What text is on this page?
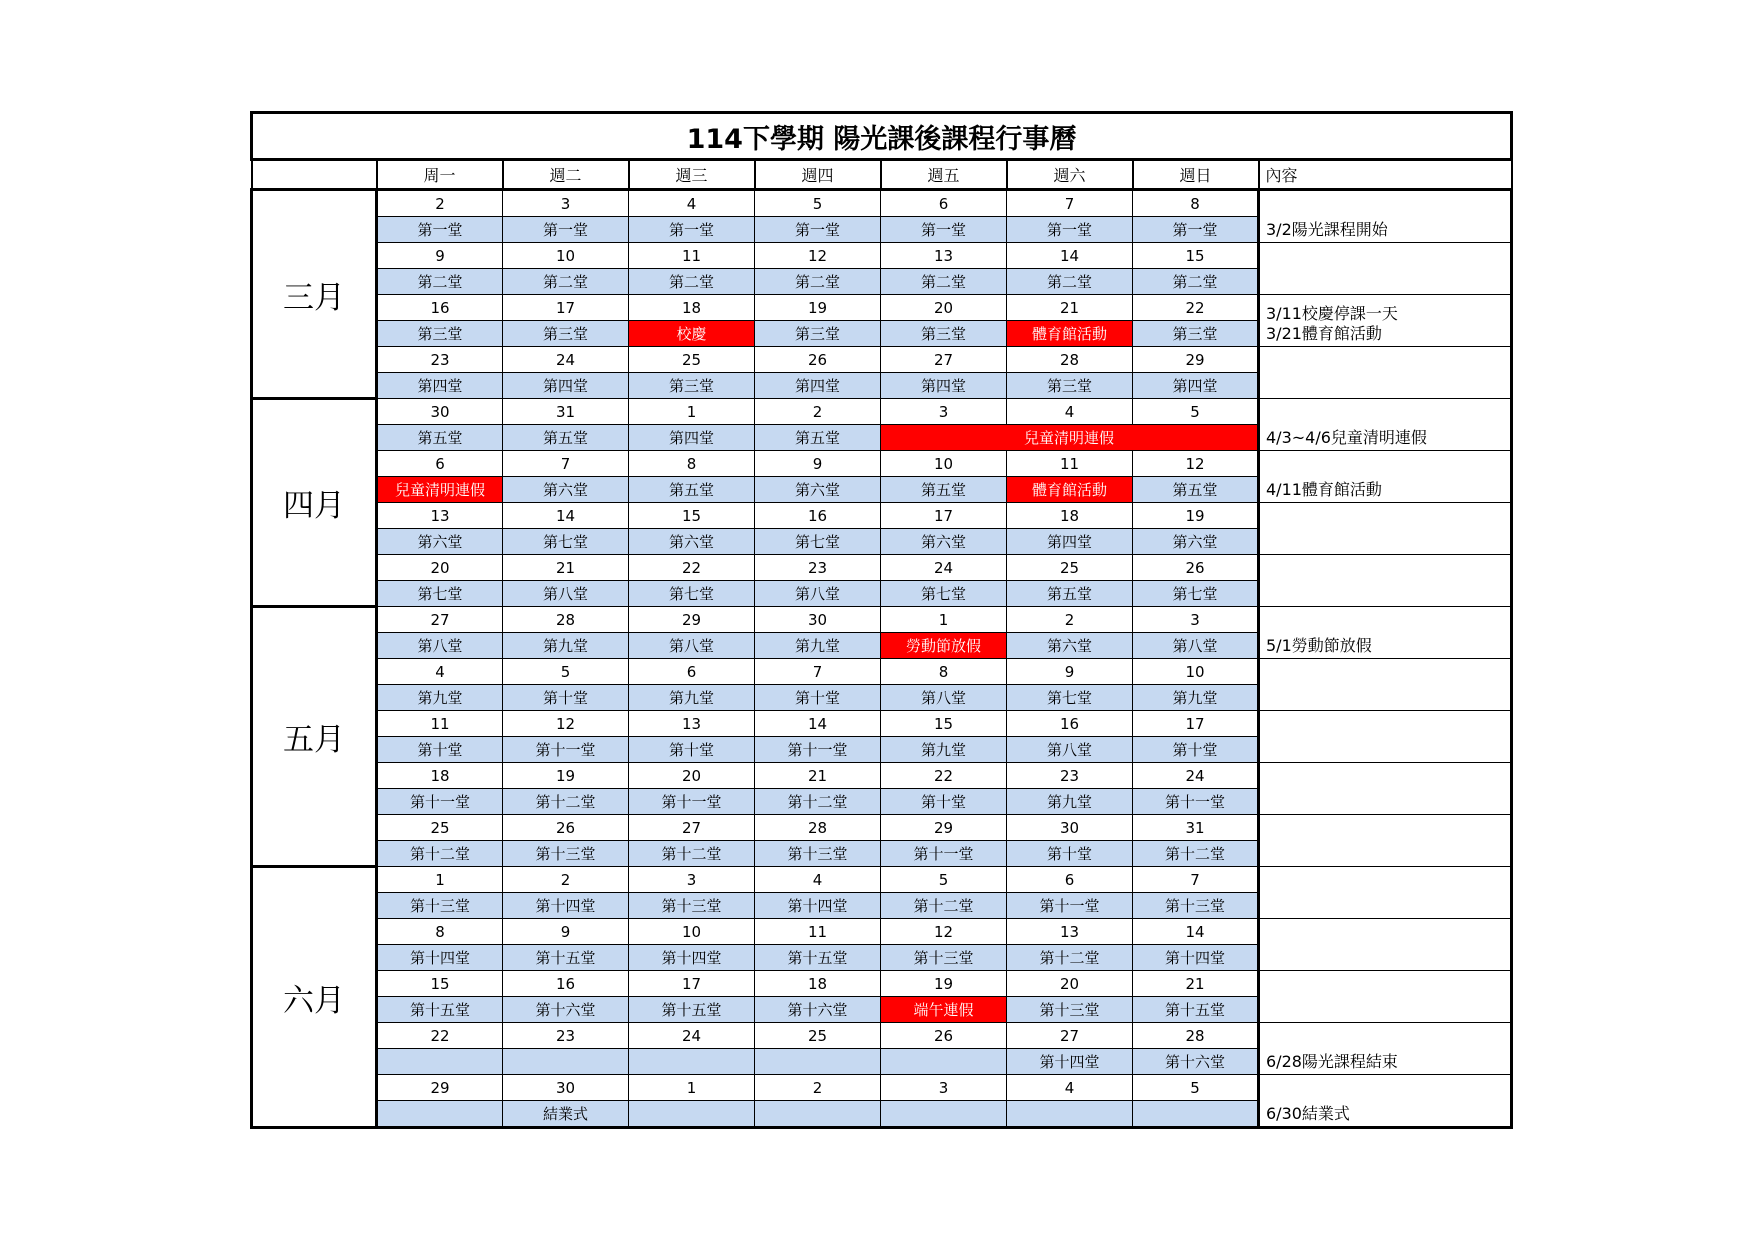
114下學期 陽光課後課程行事曆								
	周一	週二	週三	週四	週五	週六	週日	內容
三月	2	3	4	5	6	7	8	3/2陽光課程開始
	第一堂	第一堂	第一堂	第一堂	第一堂	第一堂	第一堂	
	9	10	11	12	13	14	15	
	第二堂	第二堂	第二堂	第二堂	第二堂	第二堂	第二堂	
	16	17	18	19	20	21	22	3/11校慶停課一天
3/21體育館活動
	第三堂	第三堂	校慶	第三堂	第三堂	體育館活動	第三堂	
	23	24	25	26	27	28	29	
	第四堂	第四堂	第三堂	第四堂	第四堂	第三堂	第四堂	
四月	30	31	1	2	3	4	5	4/3~4/6兒童清明連假
	第五堂	第五堂	第四堂	第五堂	兒童清明連假			
	6	7	8	9	10	11	12	4/11體育館活動
	兒童清明連假	第六堂	第五堂	第六堂	第五堂	體育館活動	第五堂	
	13	14	15	16	17	18	19	
	第六堂	第七堂	第六堂	第七堂	第六堂	第四堂	第六堂	
	20	21	22	23	24	25	26	
	第七堂	第八堂	第七堂	第八堂	第七堂	第五堂	第七堂	
五月	27	28	29	30	1	2	3	5/1勞動節放假
	第八堂	第九堂	第八堂	第九堂	勞動節放假	第六堂	第八堂	
	4	5	6	7	8	9	10	
	第九堂	第十堂	第九堂	第十堂	第八堂	第七堂	第九堂	
	11	12	13	14	15	16	17	
	第十堂	第十一堂	第十堂	第十一堂	第九堂	第八堂	第十堂	
	18	19	20	21	22	23	24	
	第十一堂	第十二堂	第十一堂	第十二堂	第十堂	第九堂	第十一堂	
	25	26	27	28	29	30	31	
	第十二堂	第十三堂	第十二堂	第十三堂	第十一堂	第十堂	第十二堂	
六月	1	2	3	4	5	6	7	
	第十三堂	第十四堂	第十三堂	第十四堂	第十二堂	第十一堂	第十三堂	
	8	9	10	11	12	13	14	
	第十四堂	第十五堂	第十四堂	第十五堂	第十三堂	第十二堂	第十四堂	
	15	16	17	18	19	20	21	
	第十五堂	第十六堂	第十五堂	第十六堂	端午連假	第十三堂	第十五堂	
	22	23	24	25	26	27	28	6/28陽光課程結束
						第十四堂	第十六堂	
	29	30	1	2	3	4	5	6/30結業式
		結業式						
